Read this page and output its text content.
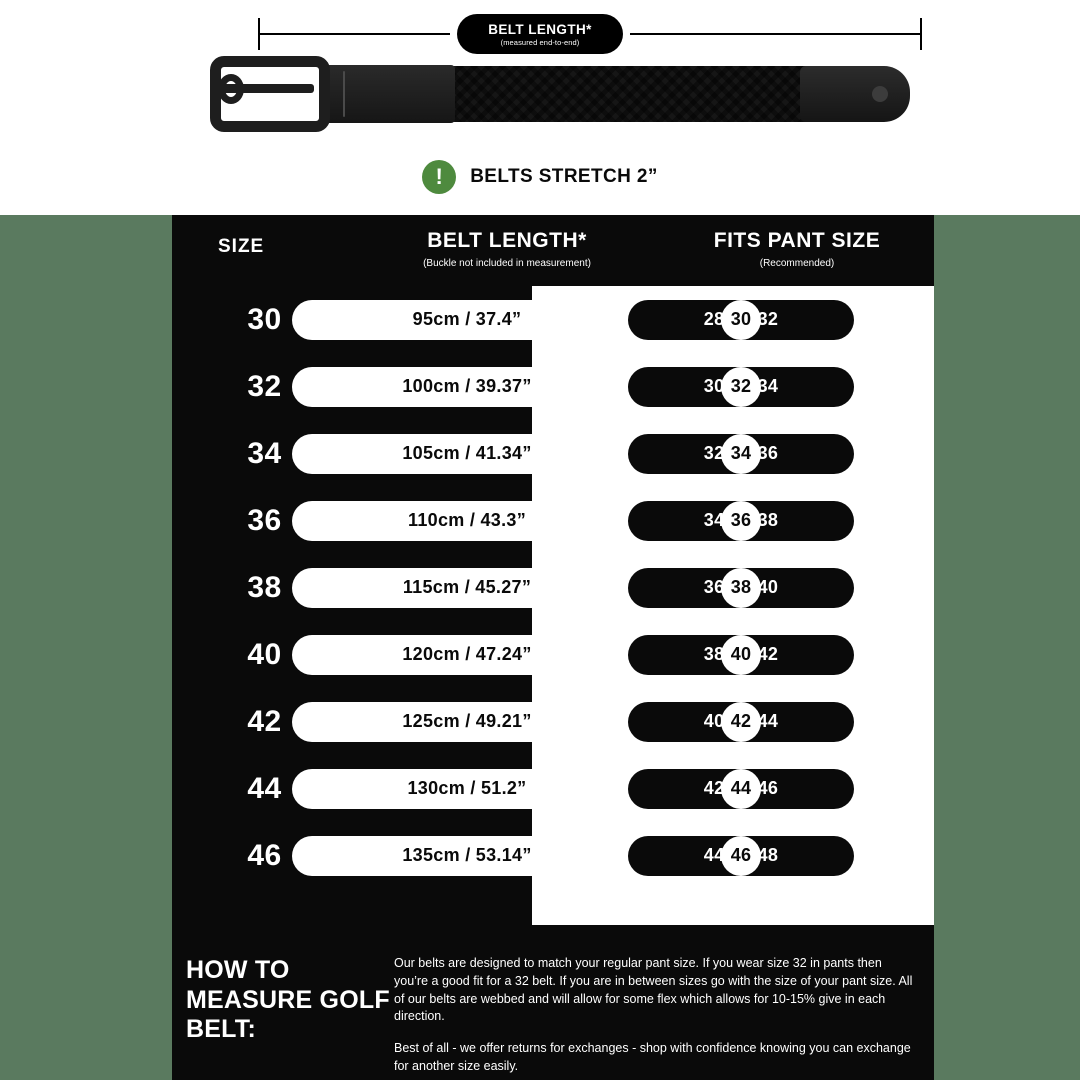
BELT LENGTH*
(measured end-to-end)
!	BELTS STRETCH 2”
SIZE	BELT LENGTH*
(Buckle not included in measurement)
FITS PANT SIZE
(Recommended)
30	95cm / 37.4”	28-30-32
32	100cm / 39.37”	30-32-34
34	105cm / 41.34”	32-34-36
36	110cm / 43.3”	34-36-38
38	115cm / 45.27”	36-38-40
40	120cm / 47.24”	38-40-42
42	125cm / 49.21”	40-42-44
44	130cm / 51.2”	42-44-46
46	135cm / 53.14”	44-46-48
HOW TO MEASURE GOLF BELT:

Our belts are designed to match your regular pant size. If you wear size 32 in pants then you’re a good fit for a 32 belt. If you are in between sizes go with the size of your pant size. All of our belts are webbed and will allow for some flex which allows for 10-15% give in each direction.

Best of all - we offer returns for exchanges - shop with confidence knowing you can exchange for another size easily.
